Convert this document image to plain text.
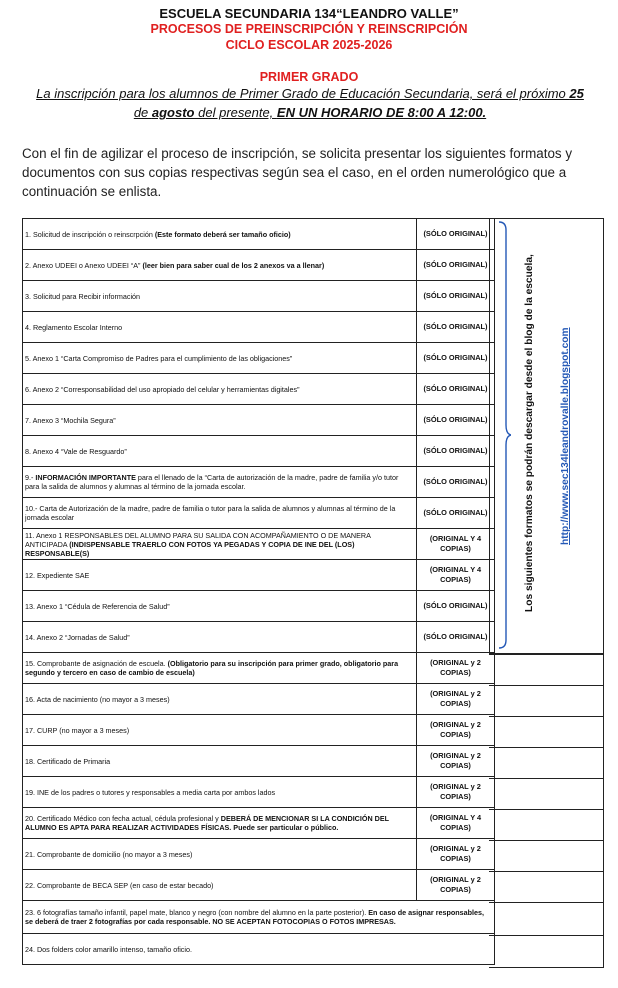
ESCUELA SECUNDARIA 134“LEANDRO VALLE”
PROCESOS DE PREINSCRIPCIÓN Y REINSCRIPCIÓN
CICLO ESCOLAR 2025-2026
PRIMER GRADO
La inscripción para los alumnos de Primer Grado de Educación Secundaria, será el próximo 25 de agosto del presente, EN UN HORARIO DE 8:00 A 12:00.
Con el fin de agilizar el proceso de inscripción, se solicita presentar los siguientes formatos y documentos con sus copias respectivas según sea el caso, en el orden numerológico que a continuación se enlista.
1. Solicitud de inscripción o reinscrpción (Este formato deberá ser tamaño oficio)	(SÓLO ORIGINAL)
2. Anexo UDEEI o Anexo UDEEI “A” (leer bien para saber cual de los 2 anexos va a llenar)	(SÓLO ORIGINAL)
3. Solicitud para Recibir información	(SÓLO ORIGINAL)
4. Reglamento Escolar Interno	(SÓLO ORIGINAL)
5. Anexo 1 “Carta Compromiso de Padres para el cumplimiento de las obligaciones”	(SÓLO ORIGINAL)
6. Anexo 2 “Corresponsabilidad del uso apropiado del celular y herramientas digitales”	(SÓLO ORIGINAL)
7. Anexo 3 “Mochila Segura”	(SÓLO ORIGINAL)
8. Anexo 4 “Vale de Resguardo”	(SÓLO ORIGINAL)
9.- INFORMACIÓN IMPORTANTE para el llenado de la “Carta de autorización de la madre, padre de familia y/o tutor para la salida de alumnos y alumnas al término de la jornada escolar.	(SÓLO ORIGINAL)
10.- Carta de Autorización de la madre, padre de familia o tutor para la salida de alumnos y alumnas al término de la jornada escolar	(SÓLO ORIGINAL)
11. Anexo 1 RESPONSABLES DEL ALUMNO PARA SU SALIDA CON ACOMPAÑAMIENTO O DE MANERA ANTICIPADA (INDISPENSABLE TRAERLO CON FOTOS YA PEGADAS Y COPIA DE INE DEL (LOS) RESPONSABLE(S)	(ORIGINAL Y 4 COPIAS)
12. Expediente SAE	(ORIGINAL Y 4 COPIAS)
13. Anexo 1 “Cédula de Referencia de Salud”	(SÓLO ORIGINAL)
14. Anexo 2 “Jornadas de Salud”	(SÓLO ORIGINAL)
15. Comprobante de asignación de escuela. (Obligatorio para su inscripción para primer grado, obligatorio para segundo y tercero en caso de cambio de escuela)	(ORIGINAL y 2 COPIAS)
16. Acta de nacimiento (no mayor a 3 meses)	(ORIGINAL y 2 COPIAS)
17. CURP (no mayor a 3 meses)	(ORIGINAL y 2 COPIAS)
18. Certificado de Primaria	(ORIGINAL y 2 COPIAS)
19. INE de los padres o tutores y responsables a media carta por ambos lados	(ORIGINAL y 2 COPIAS)
20. Certificado Médico con fecha actual, cédula profesional y DEBERÁ DE MENCIONAR SI LA CONDICIÓN DEL ALUMNO ES APTA PARA REALIZAR ACTIVIDADES FÍSICAS. Puede ser particular o público.	(ORIGINAL Y 4 COPIAS)
21. Comprobante de domicilio (no mayor a 3 meses)	(ORIGINAL y 2 COPIAS)
22. Comprobante de BECA SEP (en caso de estar becado)	(ORIGINAL y 2 COPIAS)
23. 6 fotografías tamaño infantil, papel mate, blanco y negro (con nombre del alumno en la parte posterior). En caso de asignar responsables, se deberá de traer 2 fotografías por cada responsable. NO SE ACEPTAN FOTOCOPIAS O FOTOS IMPRESAS.	
24. Dos folders color amarillo intenso, tamaño oficio.	
Los siguientes formatos se podrán descargar desde el blog de la escuela, http://www.sec134leandrovalle.blogspot.com
